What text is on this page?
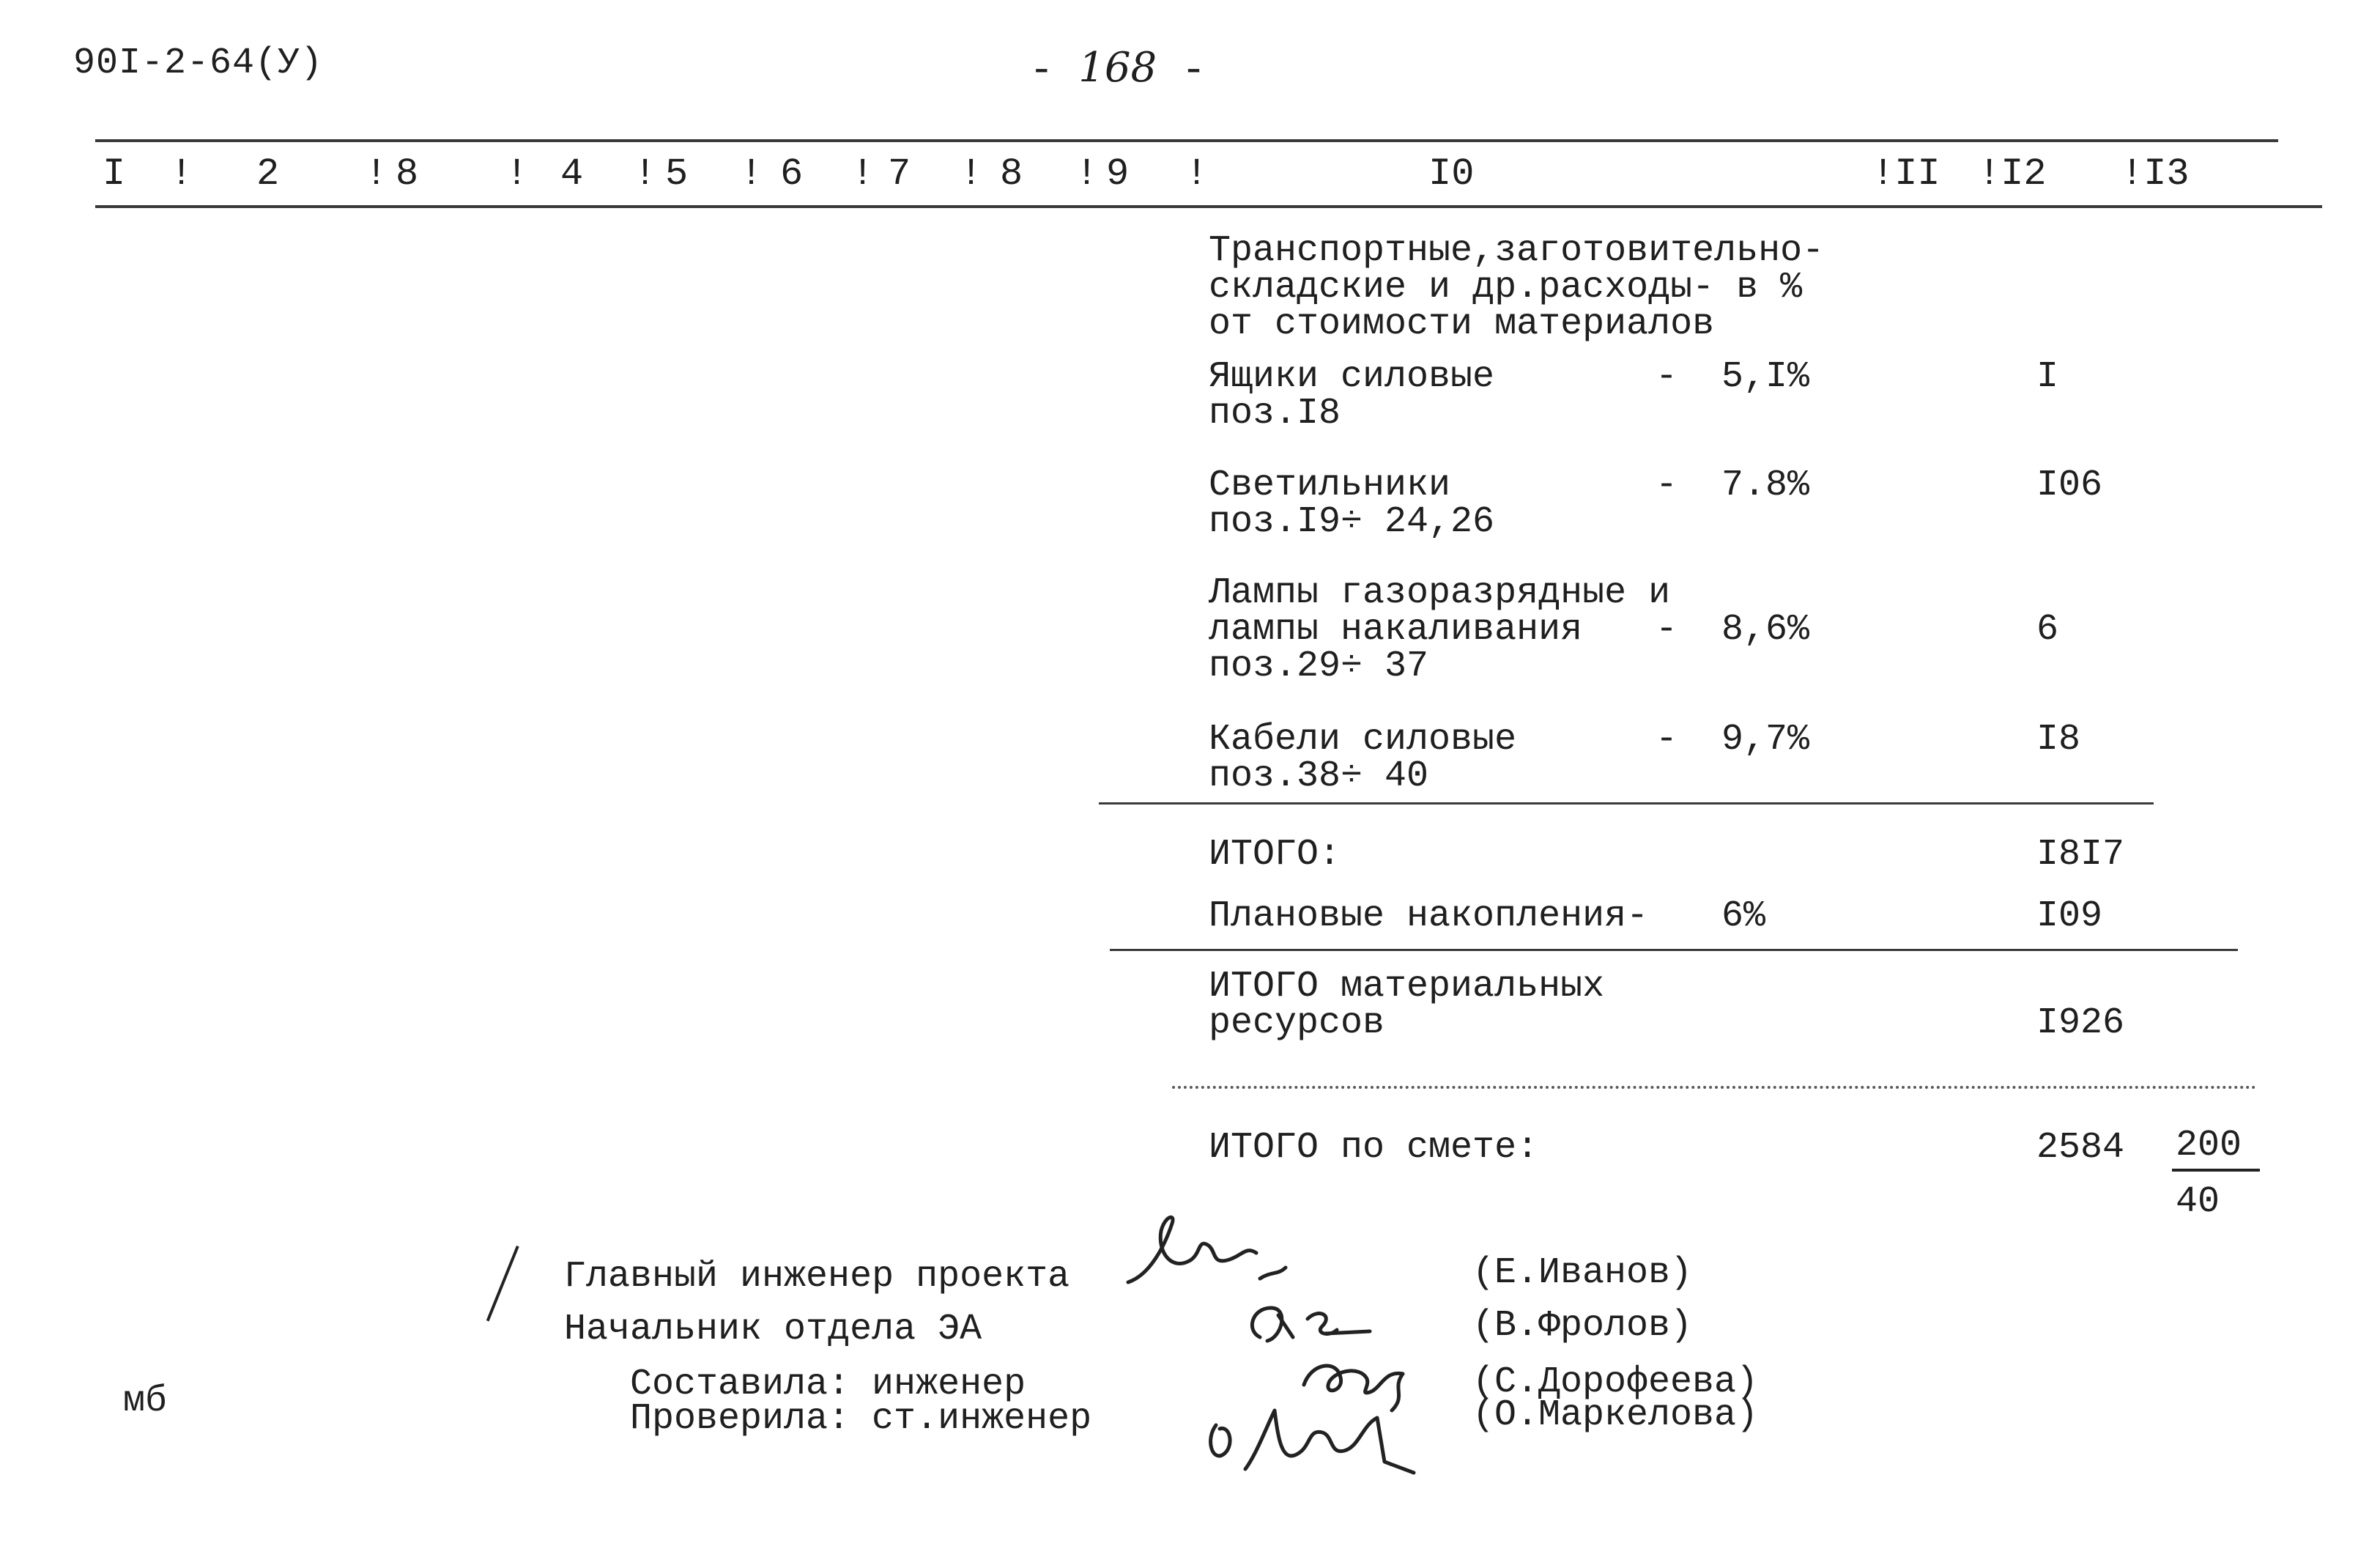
90I-2-64(У)	- 168 -
I ! 2 ! 8 ! 4 ! 5 ! 6 ! 7 ! 8 ! 9 !	I0	!II !I2 !I3
Транспортные,заготовительно-
складские и др.расходы- в %
от стоимости материалов
Ящики силовые
поз.I8
- 5,I%	I
Светильники
поз.I9÷ 24,26
- 7.8%	I06
Лампы газоразрядные и
лампы накаливания
поз.29÷ 37
- 8,6%	6
Кабели силовые
поз.38÷ 40
- 9,7%	I8
ИТОГО:	I8I7
Плановые накопления- 6%	I09
ИТОГО материальных
ресурсов	I926
ИТОГО по смете:	2584 200
40
Главный инженер проекта	(Е.Иванов)
Начальник отдела ЭА	(В.Фролов)
Составила: инженер	(С.Дорофеева)
Проверила: ст.инженер	(О.Маркелова)
мб
